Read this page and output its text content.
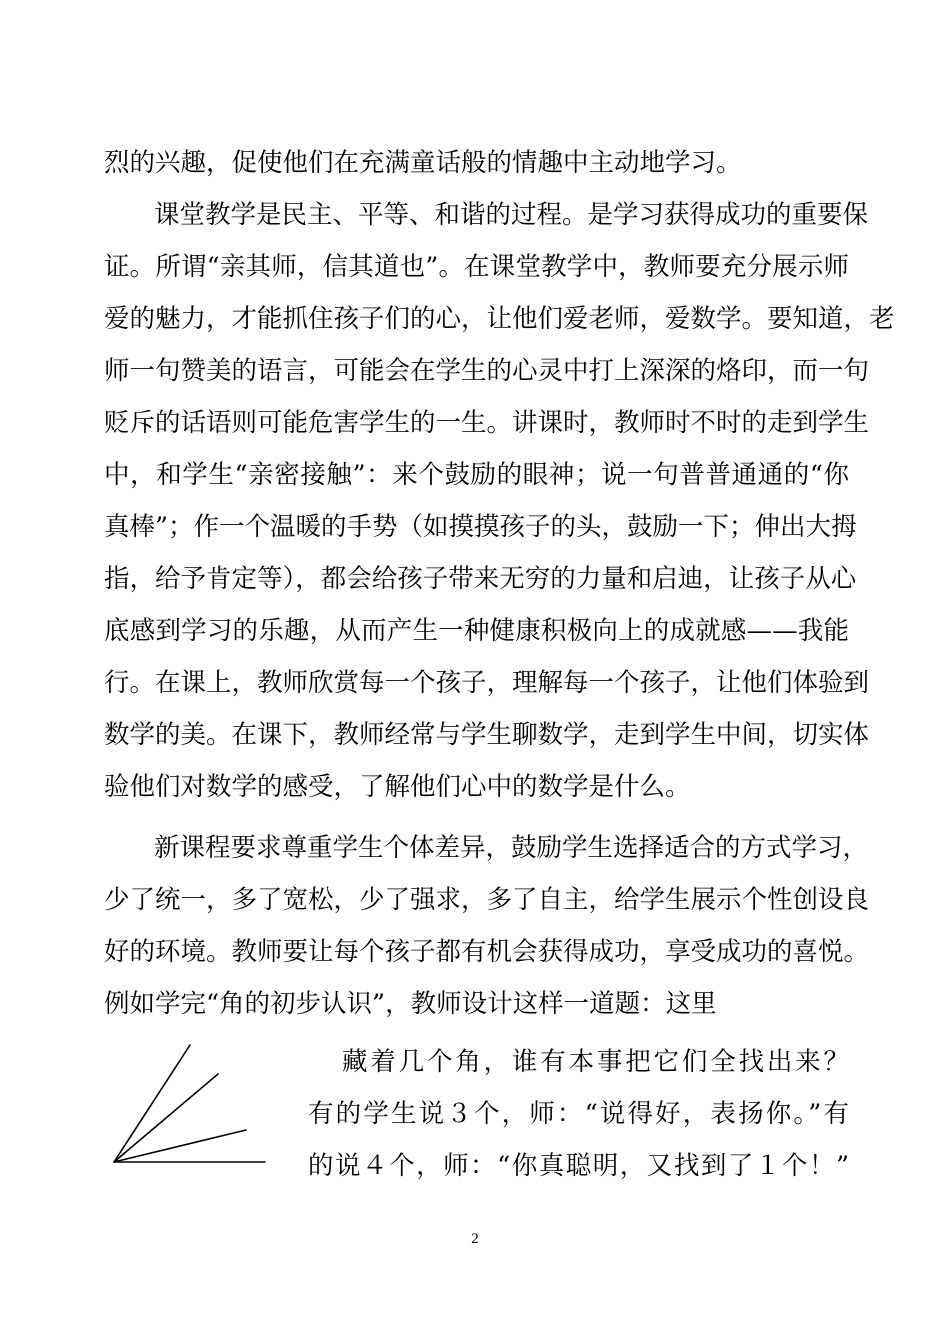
烈的兴趣，促使他们在充满童话般的情趣中主动地学习。

课堂教学是民主、平等、和谐的过程。是学习获得成功的重要保

证。所谓“亲其师，信其道也”。在课堂教学中，教师要充分展示师

爱的魅力，才能抓住孩子们的心，让他们爱老师，爱数学。要知道，老

师一句赞美的语言，可能会在学生的心灵中打上深深的烙印，而一句

贬斥的话语则可能危害学生的一生。讲课时，教师时不时的走到学生

中，和学生“亲密接触”：来个鼓励的眼神；说一句普普通通的“你

真棒”；作一个温暖的手势（如摸摸孩子的头，鼓励一下；伸出大拇

指，给予肯定等），都会给孩子带来无穷的力量和启迪，让孩子从心

底感到学习的乐趣，从而产生一种健康积极向上的成就感——我能

行。在课上，教师欣赏每一个孩子，理解每一个孩子，让他们体验到

数学的美。在课下，教师经常与学生聊数学，走到学生中间，切实体

验他们对数学的感受，了解他们心中的数学是什么。

新课程要求尊重学生个体差异，鼓励学生选择适合的方式学习，

少了统一，多了宽松，少了强求，多了自主，给学生展示个性创设良

好的环境。教师要让每个孩子都有机会获得成功，享受成功的喜悦。

例如学完“角的初步认识”，教师设计这样一道题：这里

藏着几个角，谁有本事把它们全找出来？

有的学生说３个，师：“说得好，表扬你。”有

的说４个，师：“你真聪明，又找到了１个！”

2
